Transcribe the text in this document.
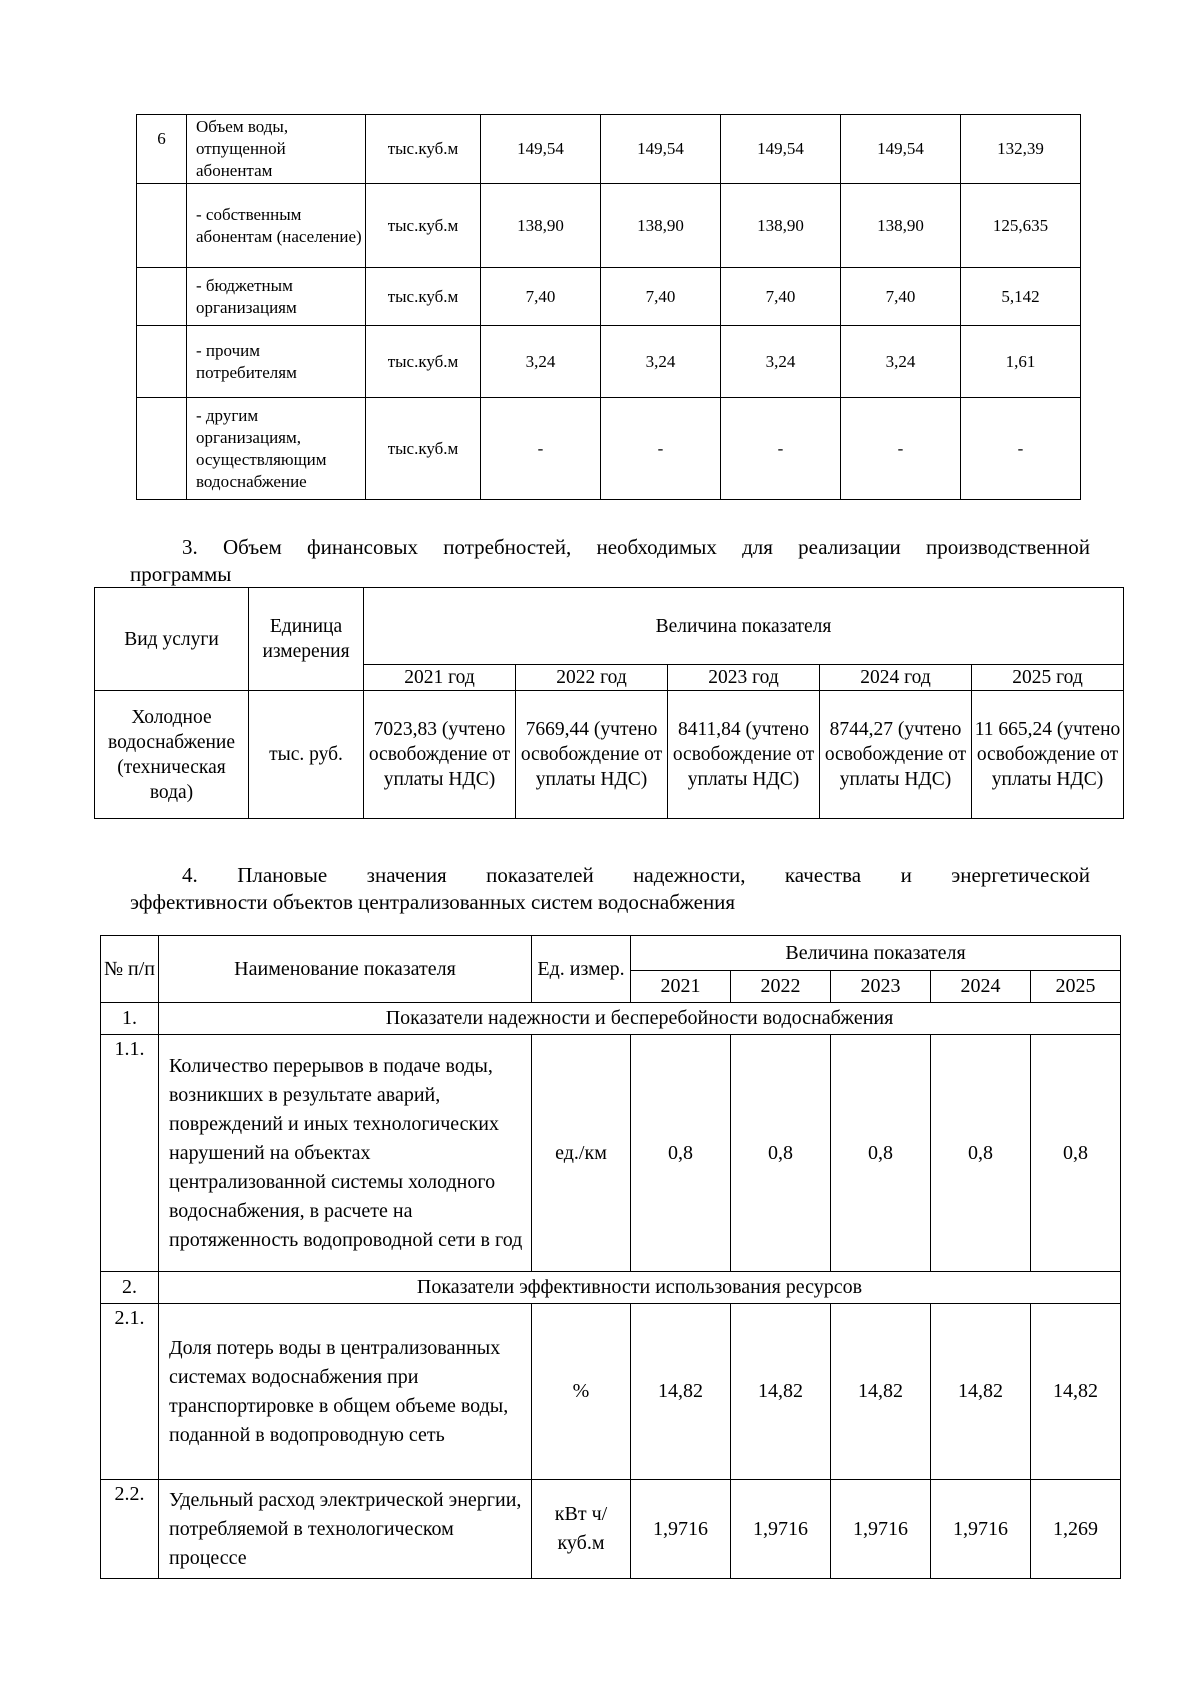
6	Объем воды, отпущенной абонентам	тыс.куб.м	149,54	149,54	149,54	149,54	132,39
	- собственным абонентам (население)	тыс.куб.м	138,90	138,90	138,90	138,90	125,635
	- бюджетным организациям	тыс.куб.м	7,40	7,40	7,40	7,40	5,142
	- прочим потребителям	тыс.куб.м	3,24	3,24	3,24	3,24	1,61
	- другим организациям, осуществляющим водоснабжение	тыс.куб.м	-	-	-	-	-
3. Объем финансовых потребностей, необходимых для реализации производственной
программы
Вид услуги	Единица измерения	Величина показателя				
		2021 год	2022 год	2023 год	2024 год	2025 год
Холодное водоснабжение (техническая вода)	тыс. руб.	7023,83 (учтено освобождение от уплаты НДС)	7669,44 (учтено освобождение от уплаты НДС)	8411,84 (учтено освобождение от уплаты НДС)	8744,27 (учтено освобождение от уплаты НДС)	11 665,24 (учтено освобождение от уплаты НДС)
4. Плановые значения показателей надежности, качества и энергетической
эффективности объектов централизованных систем водоснабжения
№ п/п	Наименование показателя	Ед. измер.	Величина показателя				
			2021	2022	2023	2024	2025
1.	Показатели надежности и бесперебойности водоснабжения						
1.1.	Количество перерывов в подаче воды, возникших в результате аварий, повреждений и иных технологических нарушений на объектах централизованной системы холодного водоснабжения, в расчете на протяженность водопроводной сети в год	ед./км	0,8	0,8	0,8	0,8	0,8
2.	Показатели эффективности использования ресурсов						
2.1.	Доля потерь воды в централизованных системах водоснабжения при транспортировке в общем объеме воды, поданной в водопроводную сеть	%	14,82	14,82	14,82	14,82	14,82
2.2.	Удельный расход электрической энергии, потребляемой в технологическом процессе	кВт ч/куб.м	1,9716	1,9716	1,9716	1,9716	1,269
